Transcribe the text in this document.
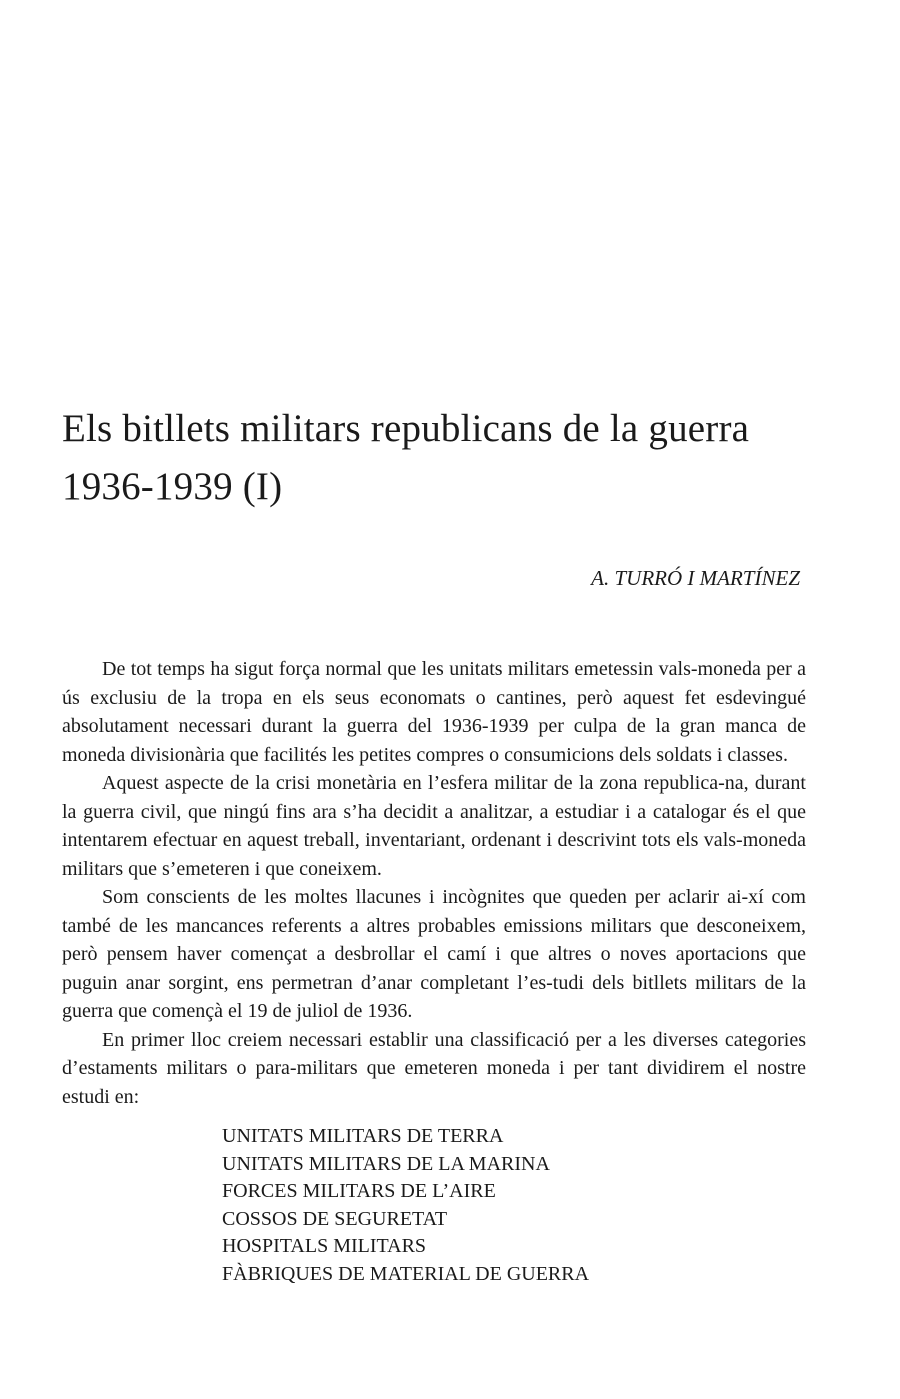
Els bitllets militars republicans de la guerra
1936-1939 (I)
A. TURRÓ I MARTÍNEZ

De tot temps ha sigut força normal que les unitats militars emetessin vals-moneda per a ús exclusiu de la tropa en els seus economats o cantines, però aquest fet esdevingué absolutament necessari durant la guerra del 1936-1939 per culpa de la gran manca de moneda divisionària que facilités les petites compres o consumicions dels soldats i classes.

Aquest aspecte de la crisi monetària en l’esfera militar de la zona republica-na, durant la guerra civil, que ningú fins ara s’ha decidit a analitzar, a estudiar i a catalogar és el que intentarem efectuar en aquest treball, inventariant, ordenant i descrivint tots els vals-moneda militars que s’emeteren i que coneixem.

Som conscients de les moltes llacunes i incògnites que queden per aclarir ai-xí com també de les mancances referents a altres probables emissions militars que desconeixem, però pensem haver començat a desbrollar el camí i que altres o noves aportacions que puguin anar sorgint, ens permetran d’anar completant l’es-tudi dels bitllets militars de la guerra que començà el 19 de juliol de 1936.

En primer lloc creiem necessari establir una classificació per a les diverses categories d’estaments militars o para-militars que emeteren moneda i per tant dividirem el nostre estudi en:

UNITATS MILITARS DE TERRA
UNITATS MILITARS DE LA MARINA
FORCES MILITARS DE L’AIRE
COSSOS DE SEGURETAT
HOSPITALS MILITARS
FÀBRIQUES DE MATERIAL DE GUERRA
